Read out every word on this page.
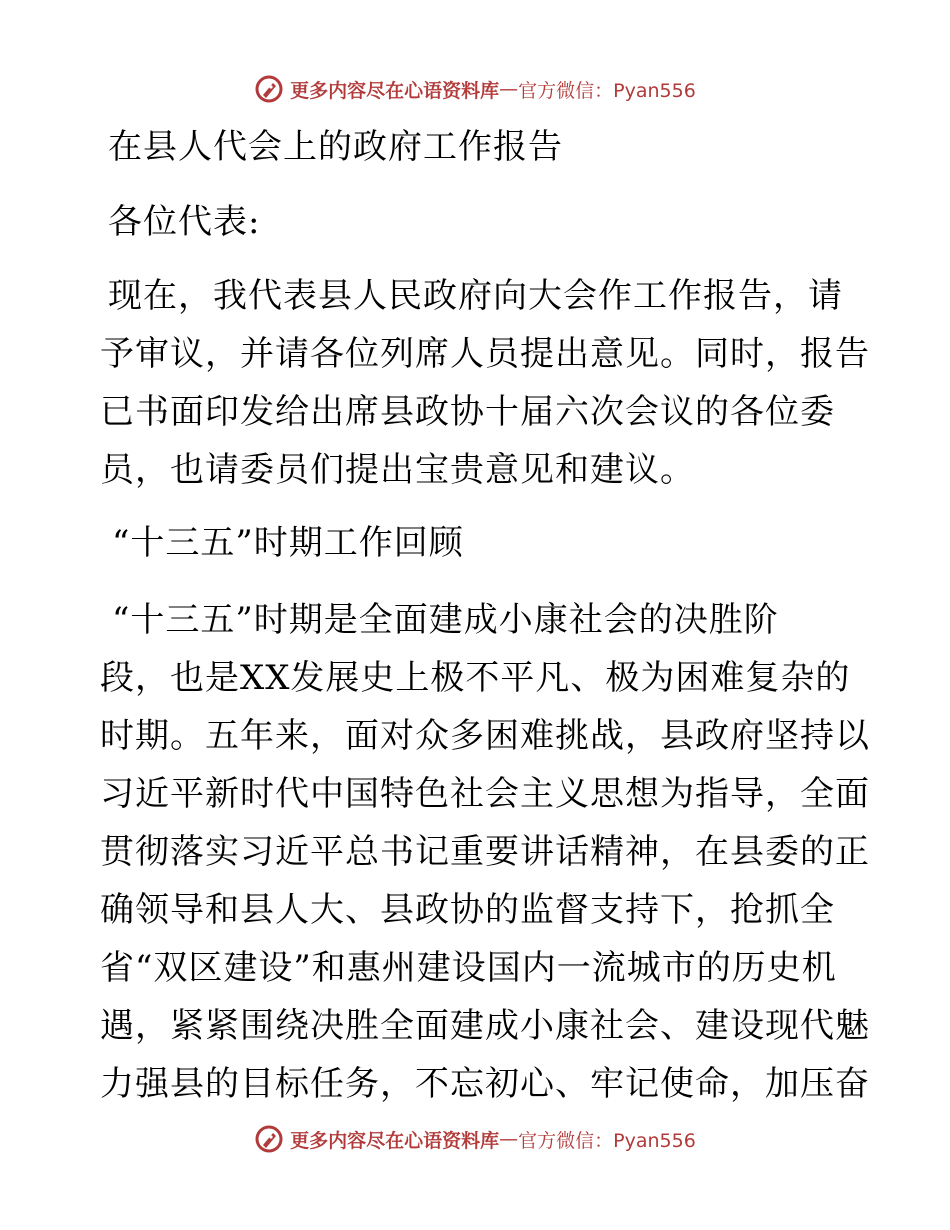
更多内容尽在心语资料库 — 官方微信：Pyan556
在县人代会上的政府工作报告
各位代表:
现在，我代表县人民政府向大会作工作报告，请
予审议，并请各位列席人员提出意见。同时，报告
已书面印发给出席县政协十届六次会议的各位委
员，也请委员们提出宝贵意见和建议。
“十三五”时期工作回顾
“十三五”时期是全面建成小康社会的决胜阶
段，也是XX发展史上极不平凡、极为困难复杂的
时期。五年来，面对众多困难挑战，县政府坚持以
习近平新时代中国特色社会主义思想为指导，全面
贯彻落实习近平总书记重要讲话精神，在县委的正
确领导和县人大、县政协的监督支持下，抢抓全
省“双区建设”和惠州建设国内一流城市的历史机
遇，紧紧围绕决胜全面建成小康社会、建设现代魅
力强县的目标任务，不忘初心、牢记使命，加压奋
更多内容尽在心语资料库 — 官方微信：Pyan556
